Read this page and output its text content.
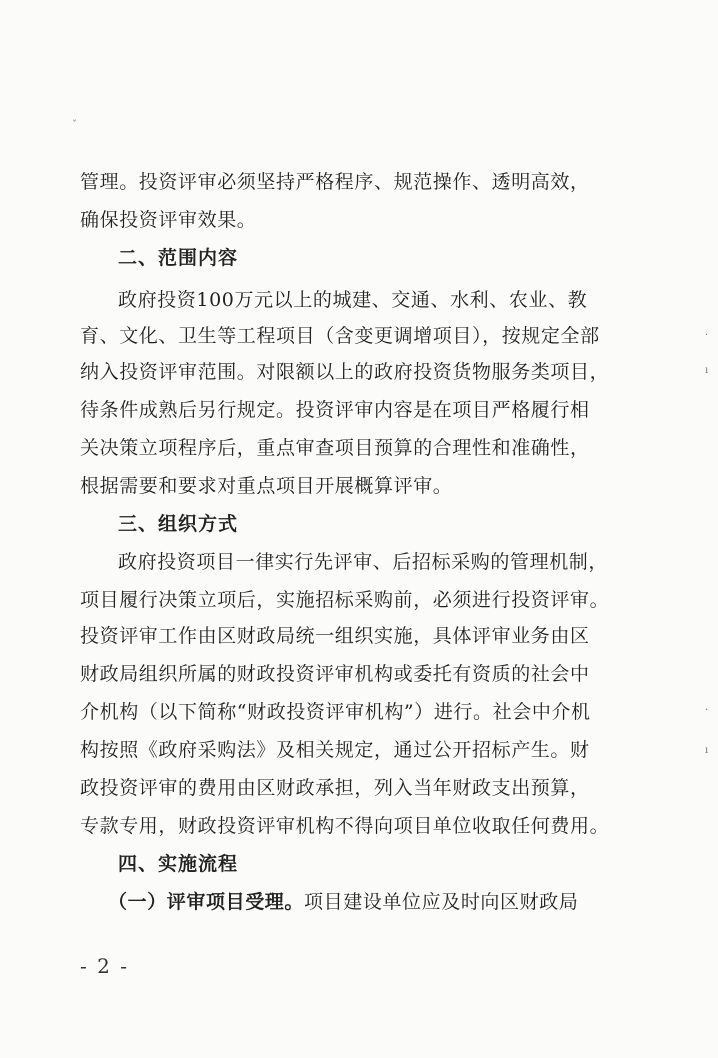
ˇ
·
ı
·
ı
管理。投资评审必须坚持严格程序、规范操作、透明高效，
确保投资评审效果。
二、范围内容
政府投资100万元以上的城建、交通、水利、农业、教
育、文化、卫生等工程项目（含变更调增项目），按规定全部
纳入投资评审范围。对限额以上的政府投资货物服务类项目，
待条件成熟后另行规定。投资评审内容是在项目严格履行相
关决策立项程序后，重点审查项目预算的合理性和准确性，
根据需要和要求对重点项目开展概算评审。
三、组织方式
政府投资项目一律实行先评审、后招标采购的管理机制，
项目履行决策立项后，实施招标采购前，必须进行投资评审。
投资评审工作由区财政局统一组织实施，具体评审业务由区
财政局组织所属的财政投资评审机构或委托有资质的社会中
介机构（以下简称“财政投资评审机构”）进行。社会中介机
构按照《政府采购法》及相关规定，通过公开招标产生。财
政投资评审的费用由区财政承担，列入当年财政支出预算，
专款专用，财政投资评审机构不得向项目单位收取任何费用。
四、实施流程
（一）评审项目受理。项目建设单位应及时向区财政局
- 2 -
